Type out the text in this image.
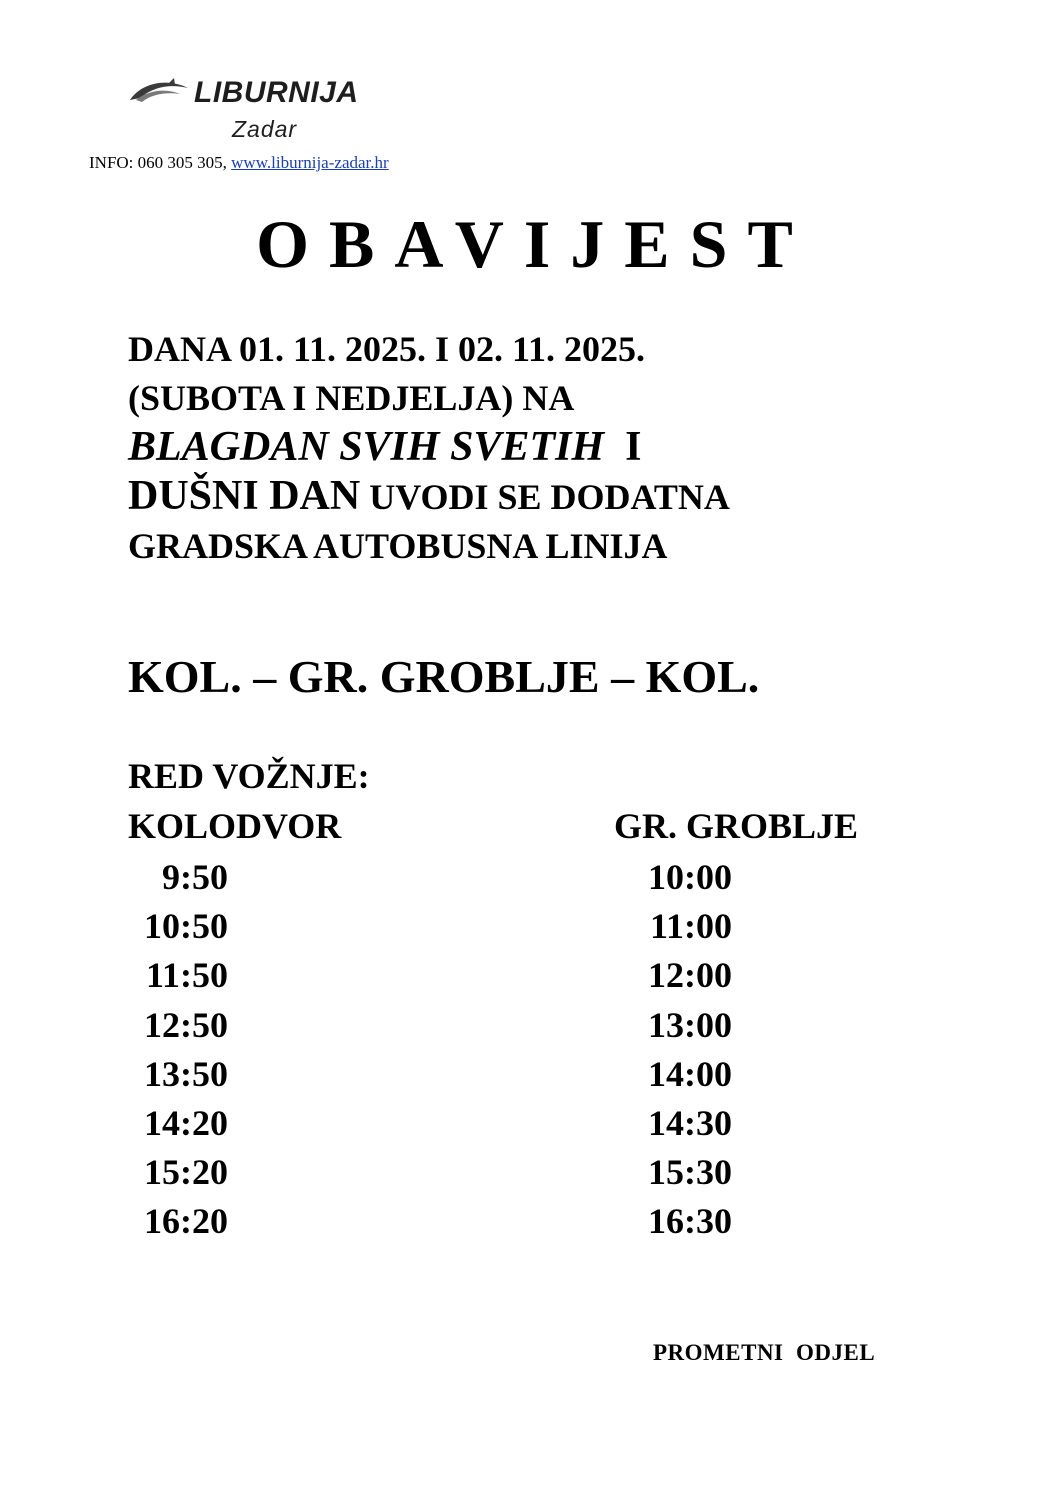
LIBURNIJA
Zadar
INFO: 060 305 305, www.liburnija-zadar.hr
OBAVIJEST
DANA 01. 11. 2025. I 02. 11. 2025.
(SUBOTA I NEDJELJA) NA
BLAGDAN SVIH SVETIH I
DUŠNI DAN UVODI SE DODATNA
GRADSKA AUTOBUSNA LINIJA
KOL. – GR. GROBLJE – KOL.
RED VOŽNJE:
KOLODVOR	GR. GROBLJE
9:50
10:50
11:50
12:50
13:50
14:20
15:20
16:20
10:00
11:00
12:00
13:00
14:00
14:30
15:30
16:30
PROMETNI  ODJEL
